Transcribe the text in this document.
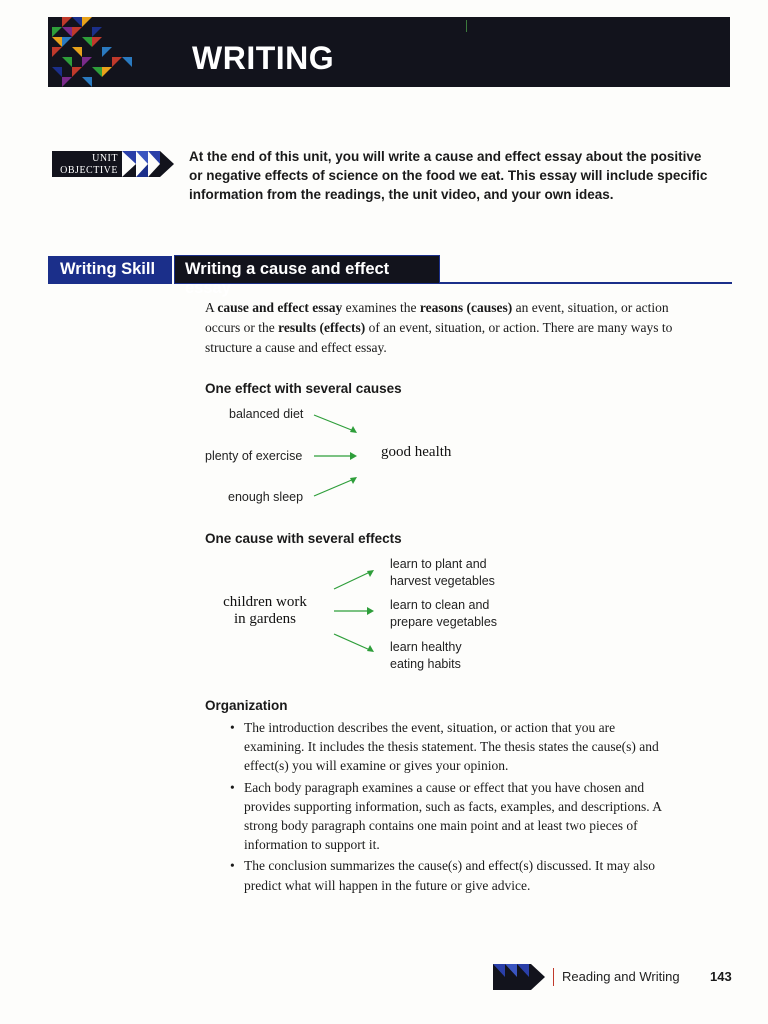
WRITING
UNIT
OBJECTIVE
At the end of this unit, you will write a cause and effect essay about the positive or negative effects of science on the food we eat. This essay will include specific information from the readings, the unit video, and your own ideas.
Writing Skill	Writing a cause and effect essay
A cause and effect essay examines the reasons (causes) an event, situation, or action occurs or the results (effects) of an event, situation, or action. There are many ways to structure a cause and effect essay.
One effect with several causes
balanced diet
plenty of exercise
enough sleep
good health
One cause with several effects
children work
in gardens
learn to plant and
harvest vegetables
learn to clean and
prepare vegetables
learn healthy
eating habits
Organization
• The introduction describes the event, situation, or action that you are examining. It includes the thesis statement. The thesis states the cause(s) and effect(s) you will examine or gives your opinion.
• Each body paragraph examines a cause or effect that you have chosen and provides supporting information, such as facts, examples, and descriptions. A strong body paragraph contains one main point and at least two pieces of information to support it.
• The conclusion summarizes the cause(s) and effect(s) discussed. It may also predict what will happen in the future or give advice.
Reading and Writing 143
